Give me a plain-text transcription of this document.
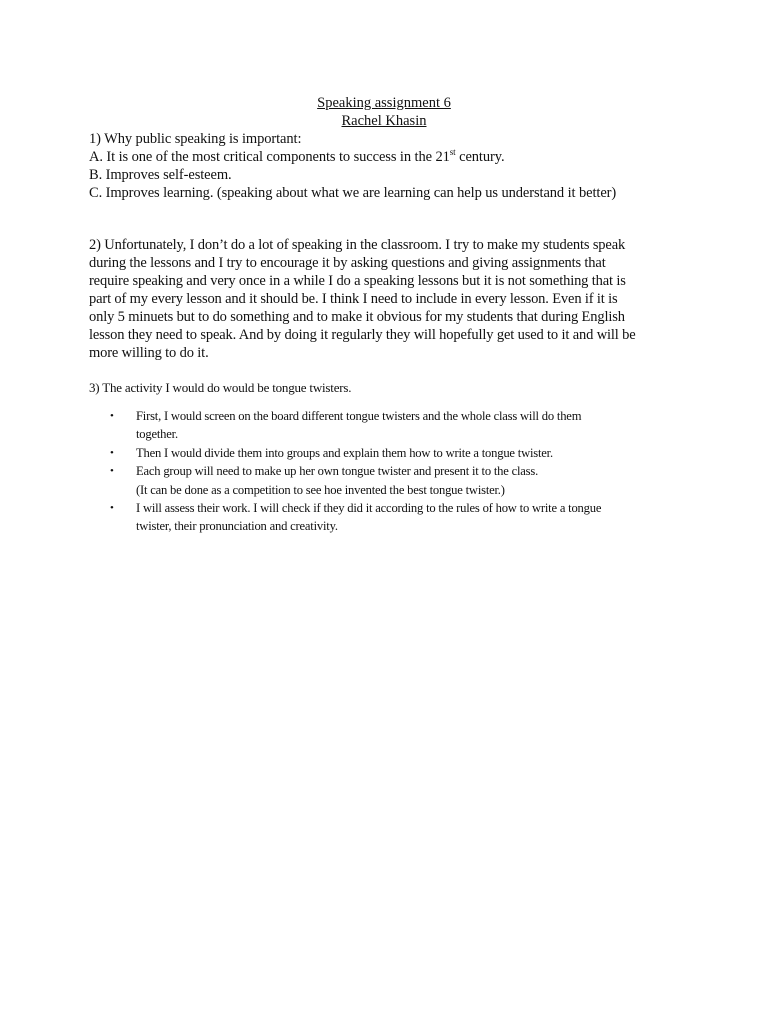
Speaking assignment 6
Rachel Khasin
1) Why public speaking is important:
A. It is one of the most critical components to success in the 21st century.
B. Improves self-esteem.
C. Improves learning. (speaking about what we are learning can help us understand it better)
2) Unfortunately, I don’t do a lot of speaking in the classroom. I try to make my students speak
during the lessons and I try to encourage it by asking questions and giving assignments that
require speaking and very once in a while I do a speaking lessons but it is not something that is
part of my every lesson and it should be. I think I need to include in every lesson. Even if it is
only 5 minuets but to do something and to make it obvious for my students that during English
lesson they need to speak. And by doing it regularly they will hopefully get used to it and will be
more willing to do it.
3) The activity I would do would be tongue twisters.
• First, I would screen on the board different tongue twisters and the whole class will do them
together.
• Then I would divide them into groups and explain them how to write a tongue twister.
• Each group will need to make up her own tongue twister and present it to the class.
(It can be done as a competition to see hoe invented the best tongue twister.)
• I will assess their work. I will check if they did it according to the rules of how to write a tongue
twister, their pronunciation and creativity.
